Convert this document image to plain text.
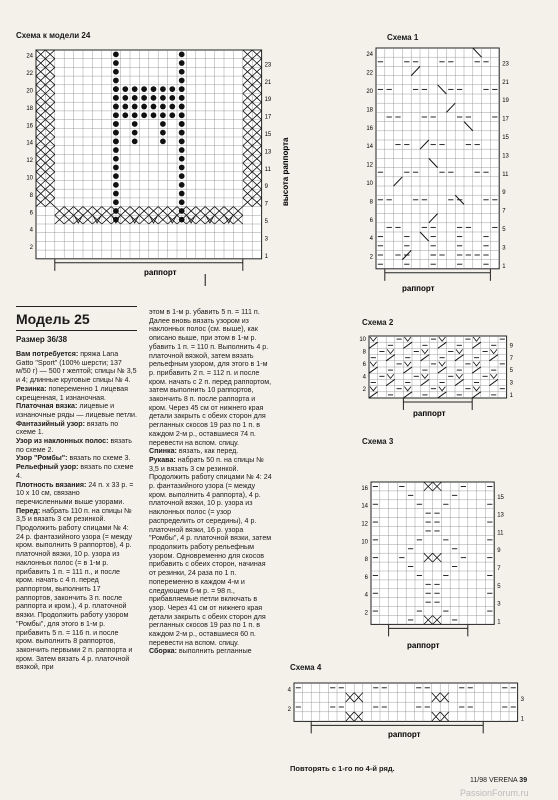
Схема к модели 24
24
22
20
18
16
14
12
10
8
6
4
2
23
21
19
17
15
13
11
9
7
5
3
1
раппорт
высота раппорта
Схема 1
24
22
20
18
16
14
12
10
8
6
4
2
23
21
19
17
15
13
11
9
7
5
3
1
раппорт
Схема 2
10
8
6
4
2
9
7
5
3
1
раппорт
Схема 3
16
14
12
10
8
6
4
2
15
13
11
9
7
5
3
1
раппорт
Схема 4
4
2
3
1
раппорт
Повторять с 1-го по 4-й ряд.
Модель 25
Размер 36/38

Вам потребуется: пряжа Lana Gatto "Sport" (100% шерсти; 137 м/50 г) — 500 г желтой; спицы № 3,5 и 4; длинные круговые спицы № 4.

Резинка: попеременно 1 лицевая скрещенная, 1 изнаночная.

Платочная вязка: лицевые и изнаночные ряды — лицевые петли.

Фантазийный узор: вязать по схеме 1.

Узор из наклонных полос: вязать по схеме 2.

Узор "Ромбы": вязать по схеме 3.

Рельефный узор: вязать по схеме 4.

Плотность вязания: 24 п. х 33 р. = 10 х 10 см, связано перечисленными выше узорами.

Перед: набрать 110 п. на спицы № 3,5 и вязать 3 см резинкой. Продолжить работу спицами № 4: 24 р. фантазийного узора (= между кром. выполнить 9 раппортов), 4 р. платочной вязки, 10 р. узора из наклонных полос (= в 1-м р. прибавить 1 п. = 111 п., и после кром. начать с 4 п. перед раппортом, выполнить 17 раппортов, закончить 3 п. после раппорта и кром.), 4 р. платочной вязки. Продолжить работу узором "Ромбы", для этого в 1-м р. прибавить 5 п. = 116 п. и после кром. выполнить 8 раппортов, закончить первыми 2 п. раппорта и кром. Затем вязать 4 р. платочной вязкой, при

этом в 1-м р. убавить 5 п. = 111 п. Далее вновь вязать узором из наклонных полос (см. выше), как описано выше, при этом в 1-м р. убавить 1 п. = 110 п. Выполнить 4 р. платочной вязкой, затем вязать рельефным узором, для этого в 1-м р. прибавить 2 п. = 112 п. и после кром. начать с 2 п. перед раппортом, затем выполнить 10 раппортов, закончить 8 п. после раппорта и кром. Через 45 см от нижнего края детали закрыть с обеих сторон для регланных скосов 19 раз по 1 п. в каждом 2-м р., оставшиеся 74 п. перевести на вспом. спицу.

Спинка: вязать, как перед.

Рукава: набрать 50 п. на спицы № 3,5 и вязать 3 см резинкой. Продолжить работу спицами № 4: 24 р. фантазийного узора (= между кром. выполнить 4 раппорта), 4 р. платочной вязки, 10 р. узора из наклонных полос (= узор распределить от середины), 4 р. платочной вязки, 16 р. узора "Ромбы", 4 р. платочной вязки, затем продолжить работу рельефным узором. Одновременно для скосов прибавить с обеих сторон, начиная от резинки, 24 раза по 1 п. попеременно в каждом 4-м и следующем 6-м р. = 98 п., прибавляемые петли включать в узор. Через 41 см от нижнего края детали закрыть с обеих сторон для регланных скосов 19 раз по 1 п. в каждом 2-м р., оставшиеся 60 п. перевести на вспом. спицу.

Сборка: выполнить регланные

11/98 VERENA 39
PassionForum.ru
